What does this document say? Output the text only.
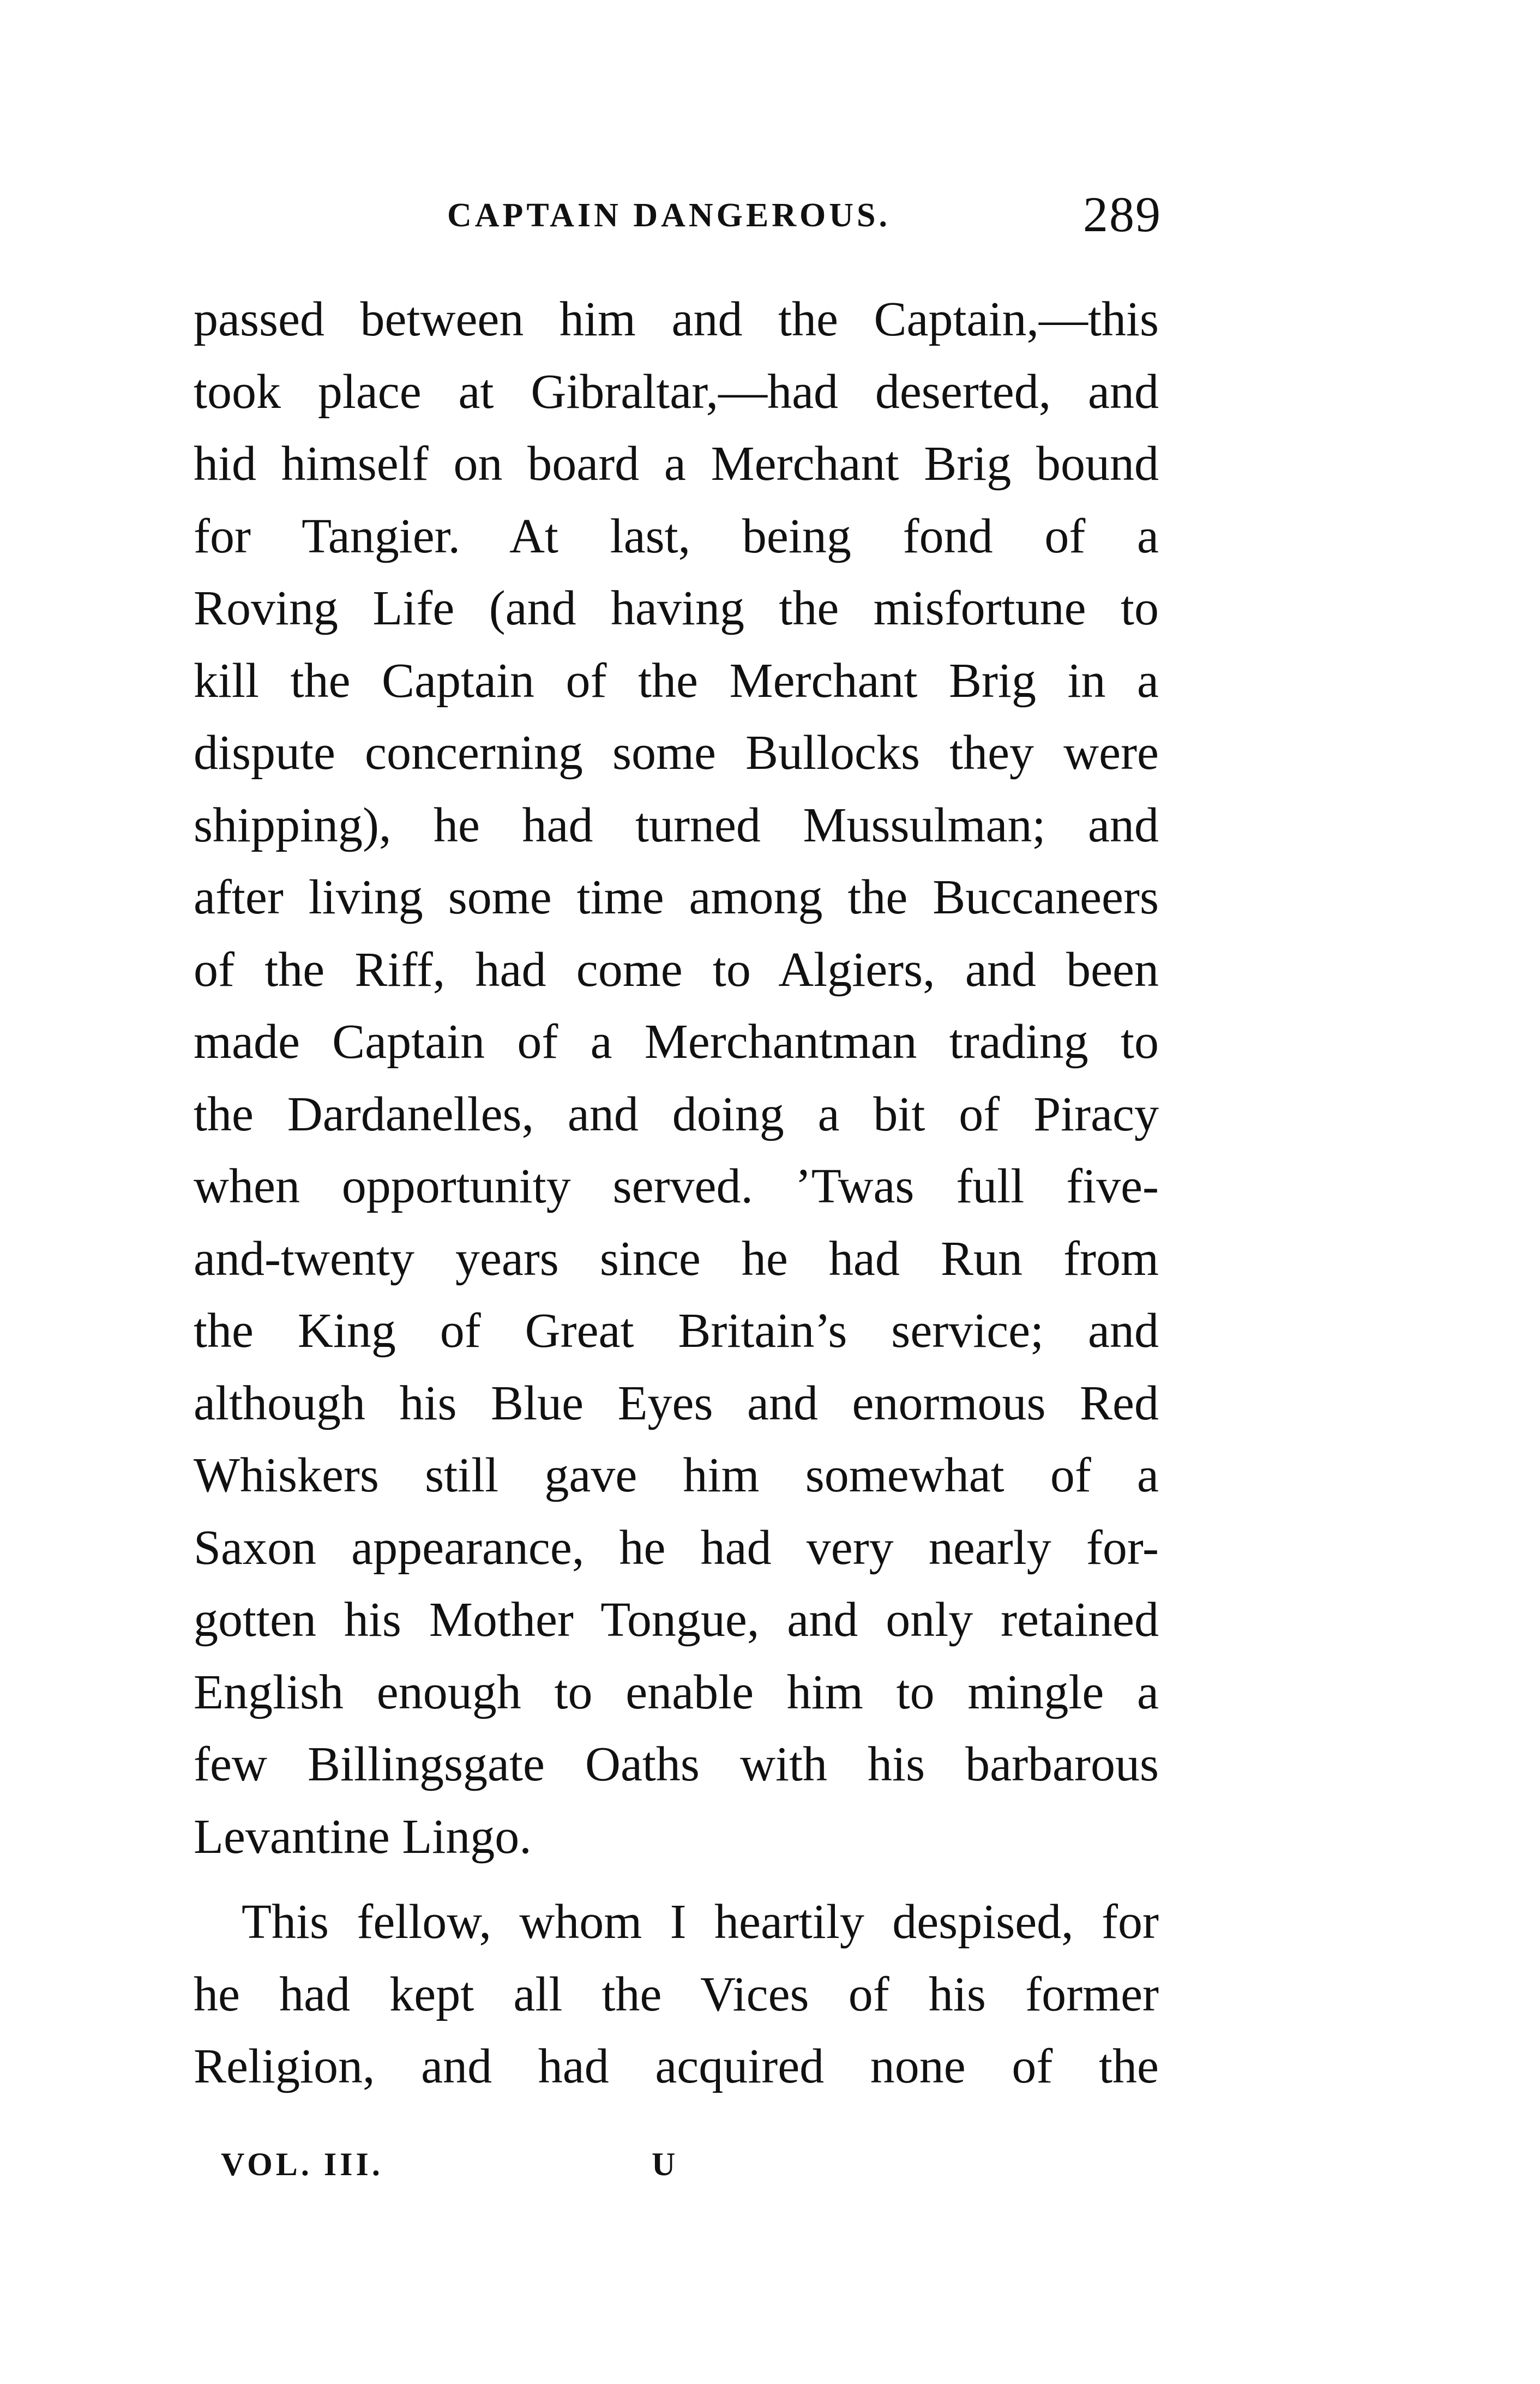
CAPTAIN DANGEROUS.	289
passed between him and the Captain,—this
took place at Gibraltar,—had deserted, and
hid himself on board a Merchant Brig bound
for Tangier. At last, being fond of a
Roving Life (and having the misfortune to
kill the Captain of the Merchant Brig in a
dispute concerning some Bullocks they were
shipping), he had turned Mussulman; and
after living some time among the Buccaneers
of the Riff, had come to Algiers, and been
made Captain of a Merchantman trading to
the Dardanelles, and doing a bit of Piracy
when opportunity served. ’Twas full five-
and-twenty years since he had Run from
the King of Great Britain’s service; and
although his Blue Eyes and enormous Red
Whiskers still gave him somewhat of a
Saxon appearance, he had very nearly for-
gotten his Mother Tongue, and only retained
English enough to enable him to mingle a
few Billingsgate Oaths with his barbarous
Levantine Lingo.
This fellow, whom I heartily despised, for
he had kept all the Vices of his former
Religion, and had acquired none of the
VOL. III.	U
